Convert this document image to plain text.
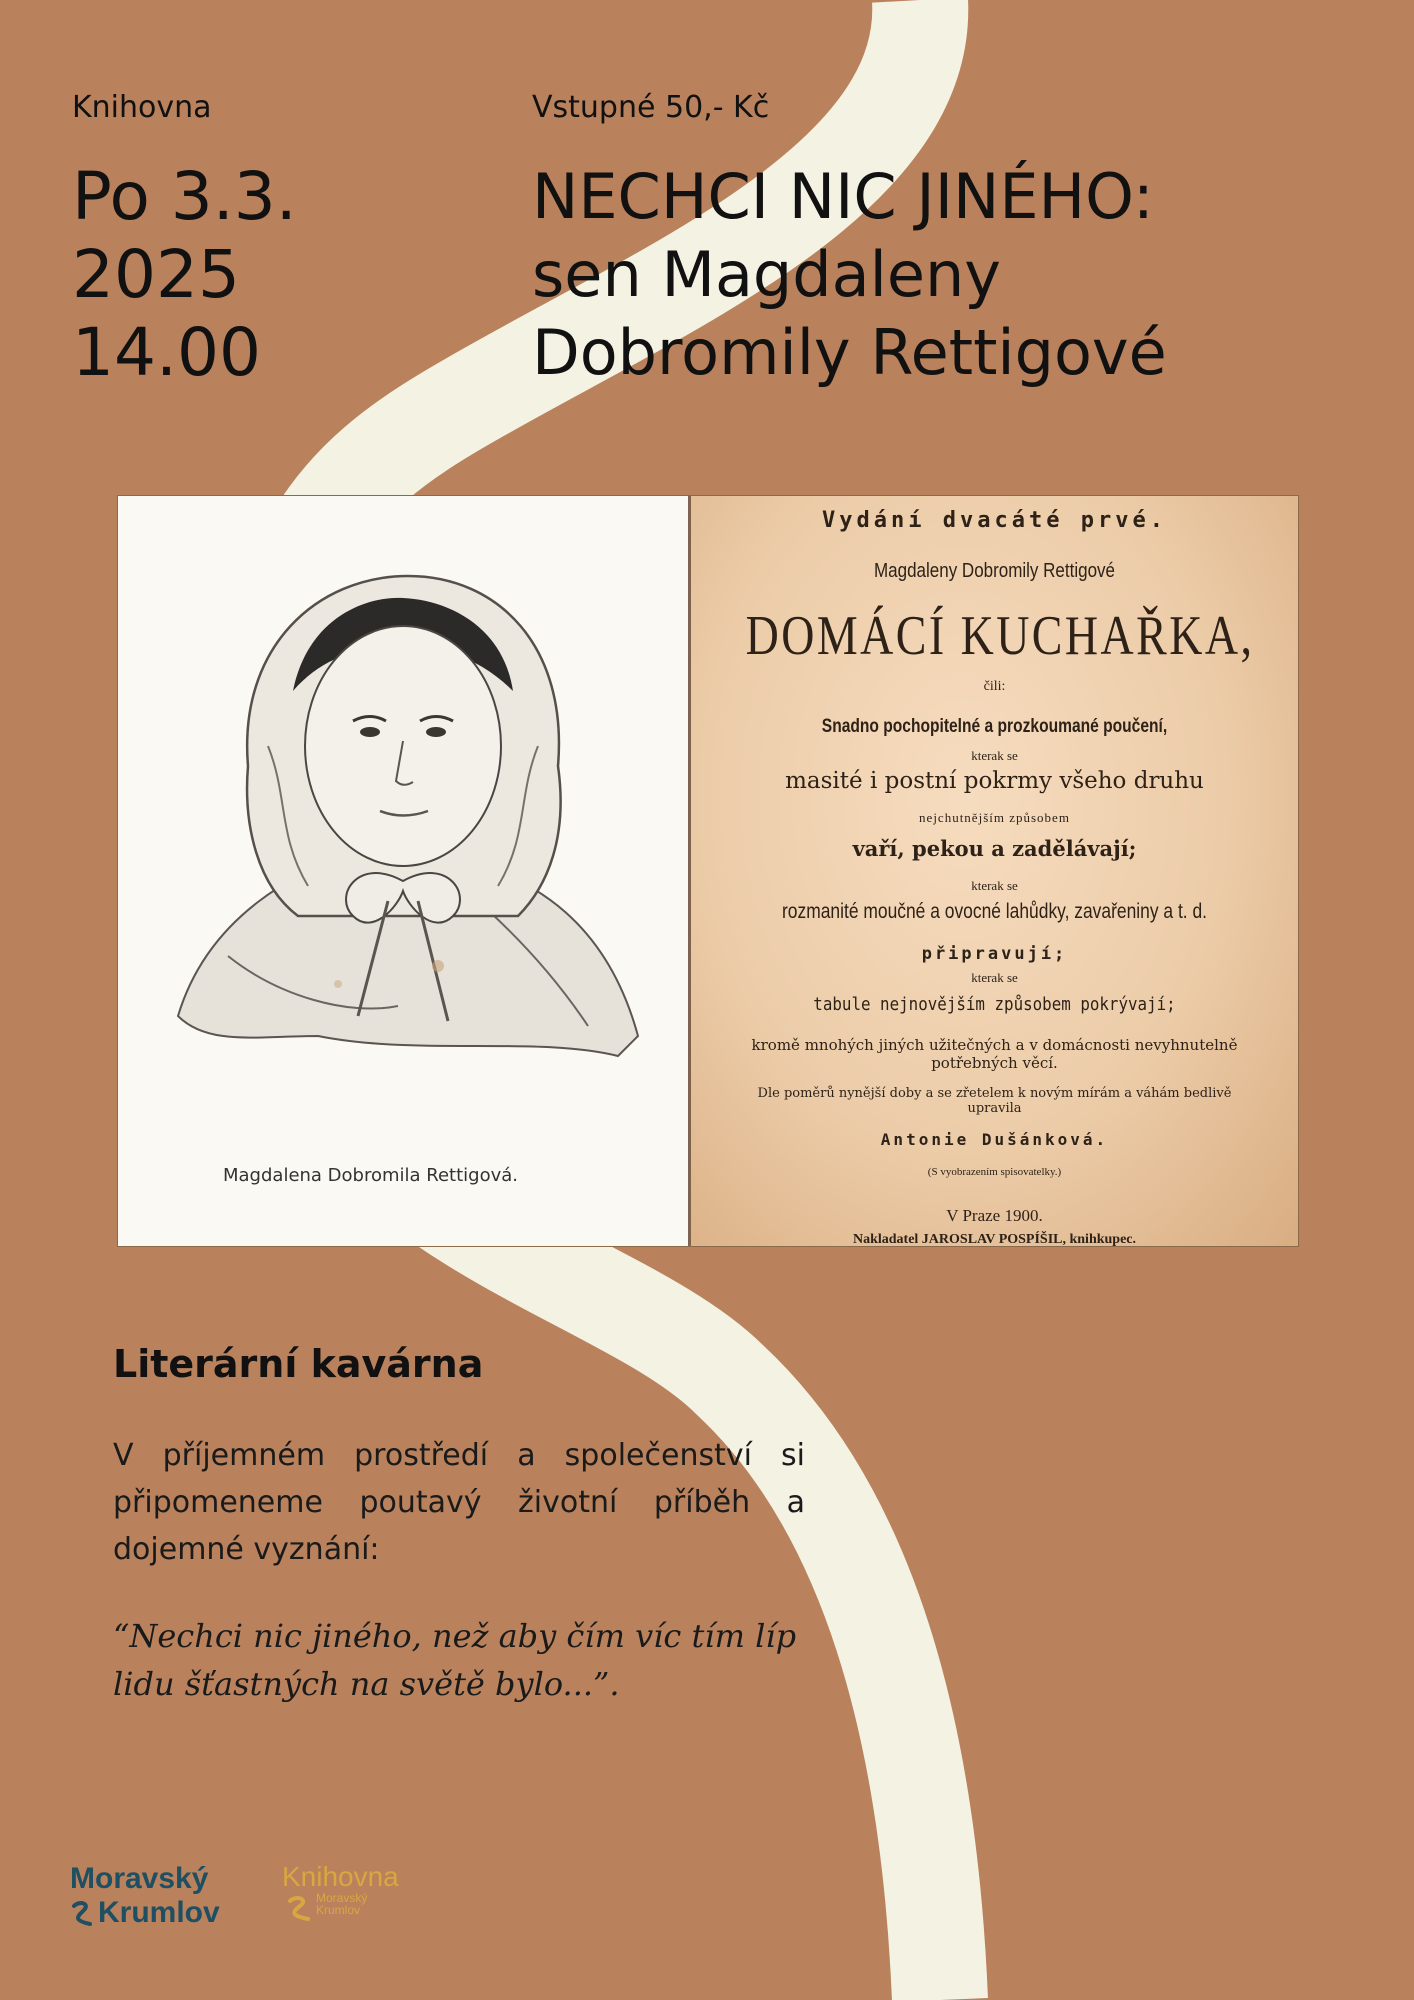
Knihovna	Vstupné 50,- Kč

Po 3.3.
2025
14.00
NECHCI NIC JINÉHO:
sen Magdaleny
Dobromily Rettigové
Magdalena Dobromila Rettigová.

Vydání dvacáté prvé.

Magdaleny Dobromily Rettigové

DOMÁCÍ KUCHAŘKA,

čili:

Snadno pochopitelné a prozkoumané poučení,

kterak se

masité i postní pokrmy všeho druhu

nejchutnějším způsobem

vaří, pekou a zadělávají;

kterak se

rozmanité moučné a ovocné lahůdky, zavařeniny a t. d.

připravují;

kterak se

tabule nejnovějším způsobem pokrývají;

kromě mnohých jiných užitečných a v domácnosti nevyhnutelně potřebných věcí.

Dle poměrů nynější doby a se zřetelem k novým mírám a váhám bedlivě upravila

Antonie Dušánková.

(S vyobrazením spisovatelky.)

V Praze 1900.

Nakladatel JAROSLAV POSPÍŠIL, knihkupec.

Literární kavárna

V příjemném prostředí a společenství si připomeneme poutavý životní příběh a dojemné vyznání:

“Nechci nic jiného, než aby čím víc tím líp lidu šťastných na světě bylo...”.

Moravský
Krumlov
Knihovna
Moravský
Krumlov
